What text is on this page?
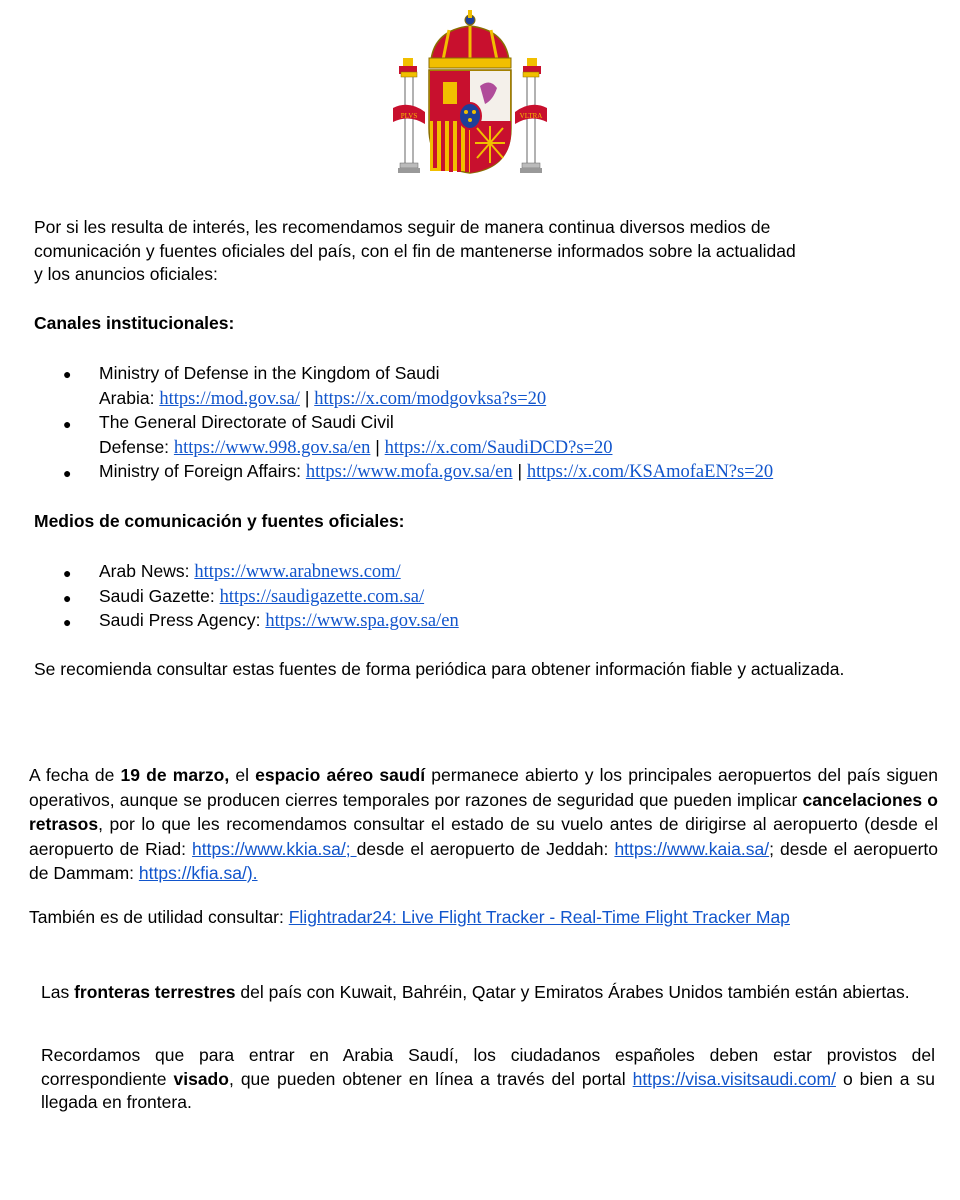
PLVS	VLTRA
Por si les resulta de interés, les recomendamos seguir de manera continua diversos medios de
comunicación y fuentes oficiales del país, con el fin de mantenerse informados sobre la actualidad
y los anuncios oficiales:
Canales institucionales:
● Ministry of Defense in the Kingdom of Saudi
Arabia: https://mod.gov.sa/ | https://x.com/modgovksa?s=20
● The General Directorate of Saudi Civil
Defense: https://www.998.gov.sa/en | https://x.com/SaudiDCD?s=20
● Ministry of Foreign Affairs: https://www.mofa.gov.sa/en | https://x.com/KSAmofaEN?s=20
Medios de comunicación y fuentes oficiales:
● Arab News: https://www.arabnews.com/
● Saudi Gazette: https://saudigazette.com.sa/
● Saudi Press Agency: https://www.spa.gov.sa/en
Se recomienda consultar estas fuentes de forma periódica para obtener información fiable y actualizada.
A fecha de 19 de marzo, el espacio aéreo saudí permanece abierto y los principales aeropuertos del país siguen operativos, aunque se producen cierres temporales por razones de seguridad que pueden implicar cancelaciones o retrasos, por lo que les recomendamos consultar el estado de su vuelo antes de dirigirse al aeropuerto (desde el aeropuerto de Riad: https://www.kkia.sa/; desde el aeropuerto de Jeddah: https://www.kaia.sa/; desde el aeropuerto de Dammam: https://kfia.sa/).
También es de utilidad consultar: Flightradar24: Live Flight Tracker - Real-Time Flight Tracker Map
Las fronteras terrestres del país con Kuwait, Bahréin, Qatar y Emiratos Árabes Unidos también están abiertas.
Recordamos que para entrar en Arabia Saudí, los ciudadanos españoles deben estar provistos del correspondiente visado, que pueden obtener en línea a través del portal https://visa.visitsaudi.com/ o bien a su llegada en frontera.
